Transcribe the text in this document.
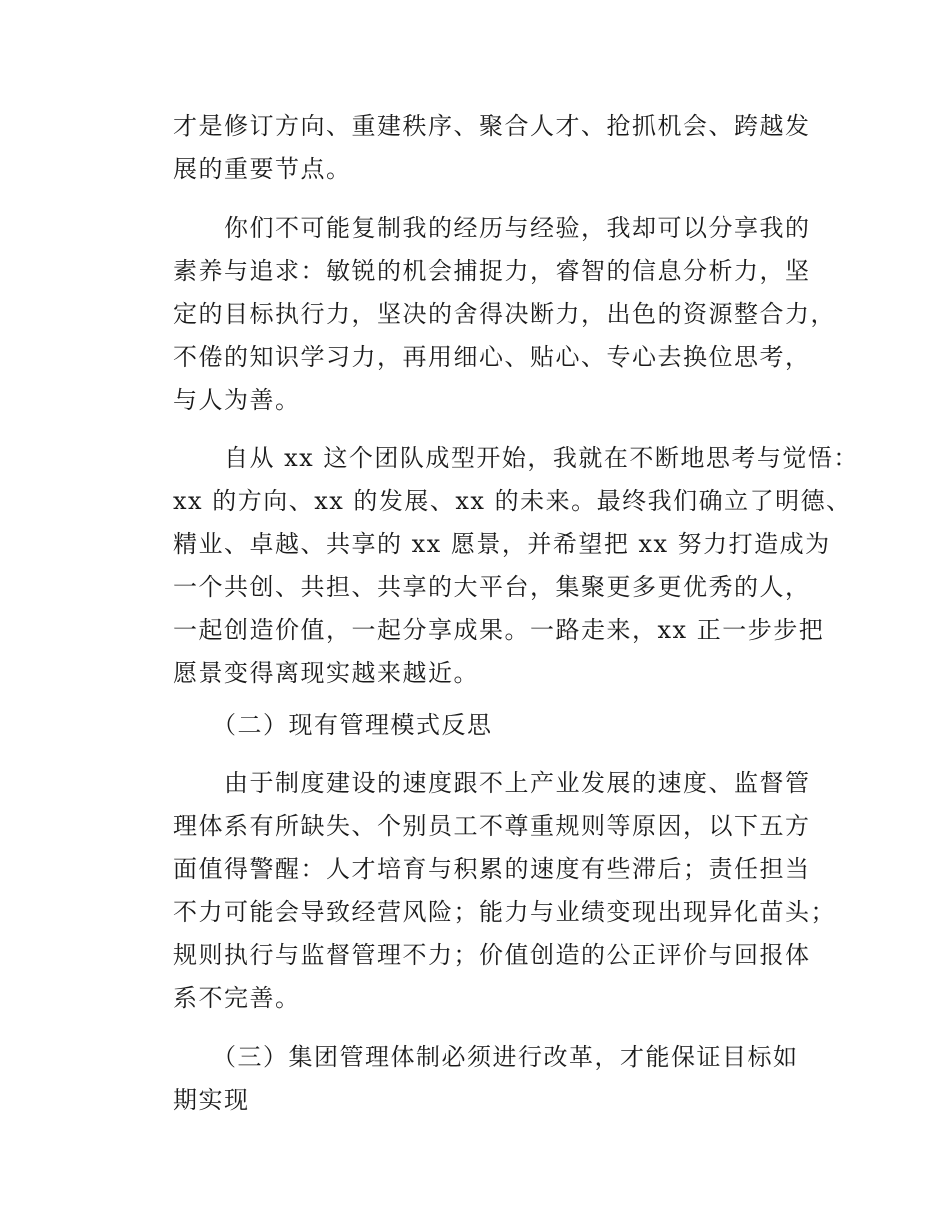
才是修订方向、重建秩序、聚合人才、抢抓机会、跨越发
展的重要节点。
　　你们不可能复制我的经历与经验，我却可以分享我的
素养与追求：敏锐的机会捕捉力，睿智的信息分析力，坚
定的目标执行力，坚决的舍得决断力，出色的资源整合力，
不倦的知识学习力，再用细心、贴心、专心去换位思考，
与人为善。
　　自从 xx 这个团队成型开始，我就在不断地思考与觉悟：
xx 的方向、xx 的发展、xx 的未来。最终我们确立了明德、
精业、卓越、共享的 xx 愿景，并希望把 xx 努力打造成为
一个共创、共担、共享的大平台，集聚更多更优秀的人，
一起创造价值，一起分享成果。一路走来，xx 正一步步把
愿景变得离现实越来越近。
　　（二）现有管理模式反思
　　由于制度建设的速度跟不上产业发展的速度、监督管
理体系有所缺失、个别员工不尊重规则等原因，以下五方
面值得警醒：人才培育与积累的速度有些滞后；责任担当
不力可能会导致经营风险；能力与业绩变现出现异化苗头；
规则执行与监督管理不力；价值创造的公正评价与回报体
系不完善。
　　（三）集团管理体制必须进行改革，才能保证目标如
期实现
